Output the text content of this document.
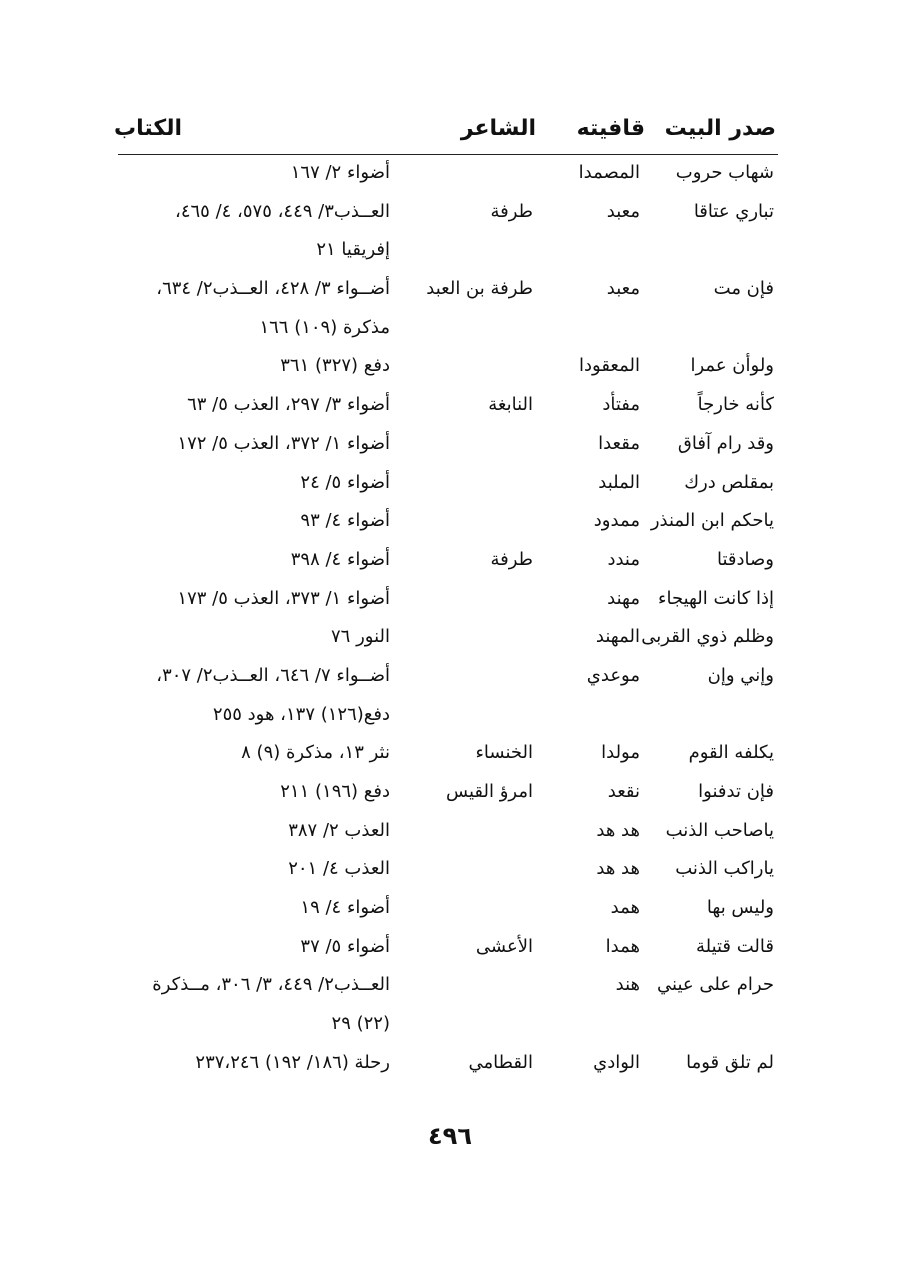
صدر البيت
قافيته
الشاعر
الكتاب
شهاب حروب
المصمدا
أضواء ٢/ ١٦٧
تباري عتاقا
معبد
طرفة
العــذب٣/ ٤٤٩، ٥٧٥، ٤/ ٤٦٥،
إفريقيا ٢١
فإن مت
معبد
طرفة بن العبد
أضــواء ٣/ ٤٢٨، العــذب٢/ ٦٣٤،
مذكرة (١٠٩) ١٦٦
ولوأن عمرا
المعقودا
دفع (٣٢٧) ٣٦١
كأنه خارجاً
مفتأد
النابغة
أضواء ٣/ ٢٩٧، العذب ٥/ ٦٣
وقد رام آفاق
مقعدا
أضواء ١/ ٣٧٢، العذب ٥/ ١٧٢
بمقلص درك
الملبد
أضواء ٥/ ٢٤
ياحكم ابن المنذر
ممدود
أضواء ٤/ ٩٣
وصادقتا
مندد
طرفة
أضواء ٤/ ٣٩٨
إذا كانت الهيجاء
مهند
أضواء ١/ ٣٧٣، العذب ٥/ ١٧٣
وظلم ذوي القربى
المهند
النور ٧٦
وإني وإن
موعدي
أضــواء ٧/ ٦٤٦، العــذب٢/ ٣٠٧،
دفع(١٢٦) ١٣٧، هود ٢٥٥
يكلفه القوم
مولدا
الخنساء
نثر ١٣، مذكرة (٩) ٨
فإن تدفنوا
نقعد
امرؤ القيس
دفع (١٩٦) ٢١١
ياصاحب الذنب
هد هد
العذب ٢/ ٣٨٧
ياراكب الذنب
هد هد
العذب ٤/ ٢٠١
وليس بها
همد
أضواء ٤/ ١٩
قالت قتيلة
همدا
الأعشى
أضواء ٥/ ٣٧
حرام على عيني
هند
العــذب٢/ ٤٤٩، ٣/ ٣٠٦، مــذكرة
(٢٢) ٢٩
لم تلق قوما
الوادي
القطامي
رحلة (١٨٦/ ١٩٢) ٢٣٧،٢٤٦
٤٩٦
